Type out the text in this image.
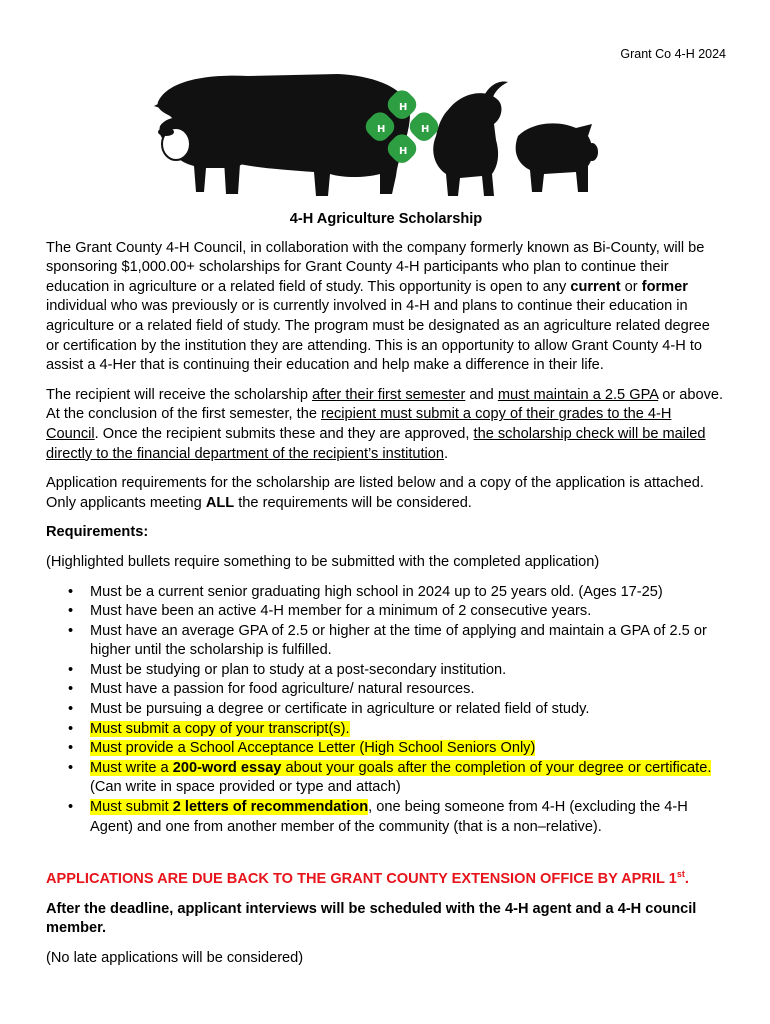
Grant Co 4-H 2024
H
H
H	H
4-H Agriculture Scholarship

The Grant County 4-H Council, in collaboration with the company formerly known as Bi-County, will be sponsoring $1,000.00+ scholarships for Grant County 4-H participants who plan to continue their education in agriculture or a related field of study. This opportunity is open to any current or former individual who was previously or is currently involved in 4-H and plans to continue their education in agriculture or a related field of study. The program must be designated as an agriculture related degree or certification by the institution they are attending. This is an opportunity to allow Grant County 4-H to assist a 4-Her that is continuing their education and help make a difference in their life.

The recipient will receive the scholarship after their first semester and must maintain a 2.5 GPA or above. At the conclusion of the first semester, the recipient must submit a copy of their grades to the 4-H Council. Once the recipient submits these and they are approved, the scholarship check will be mailed directly to the financial department of the recipient’s institution.

Application requirements for the scholarship are listed below and a copy of the application is attached. Only applicants meeting ALL the requirements will be considered.

Requirements:

(Highlighted bullets require something to be submitted with the completed application)

• Must be a current senior graduating high school in 2024 up to 25 years old. (Ages 17-25)
• Must have been an active 4-H member for a minimum of 2 consecutive years.
• Must have an average GPA of 2.5 or higher at the time of applying and maintain a GPA of 2.5 or higher until the scholarship is fulfilled.
• Must be studying or plan to study at a post-secondary institution.
• Must have a passion for food agriculture/ natural resources.
• Must be pursuing a degree or certificate in agriculture or related field of study.
• Must submit a copy of your transcript(s).
• Must provide a School Acceptance Letter (High School Seniors Only)
• Must write a 200-word essay about your goals after the completion of your degree or certificate. (Can write in space provided or type and attach)
• Must submit 2 letters of recommendation, one being someone from 4-H (excluding the 4-H Agent) and one from another member of the community (that is a non–relative).
APPLICATIONS ARE DUE BACK TO THE GRANT COUNTY EXTENSION OFFICE BY APRIL 1st.
After the deadline, applicant interviews will be scheduled with the 4-H agent and a 4-H council member.

(No late applications will be considered)
